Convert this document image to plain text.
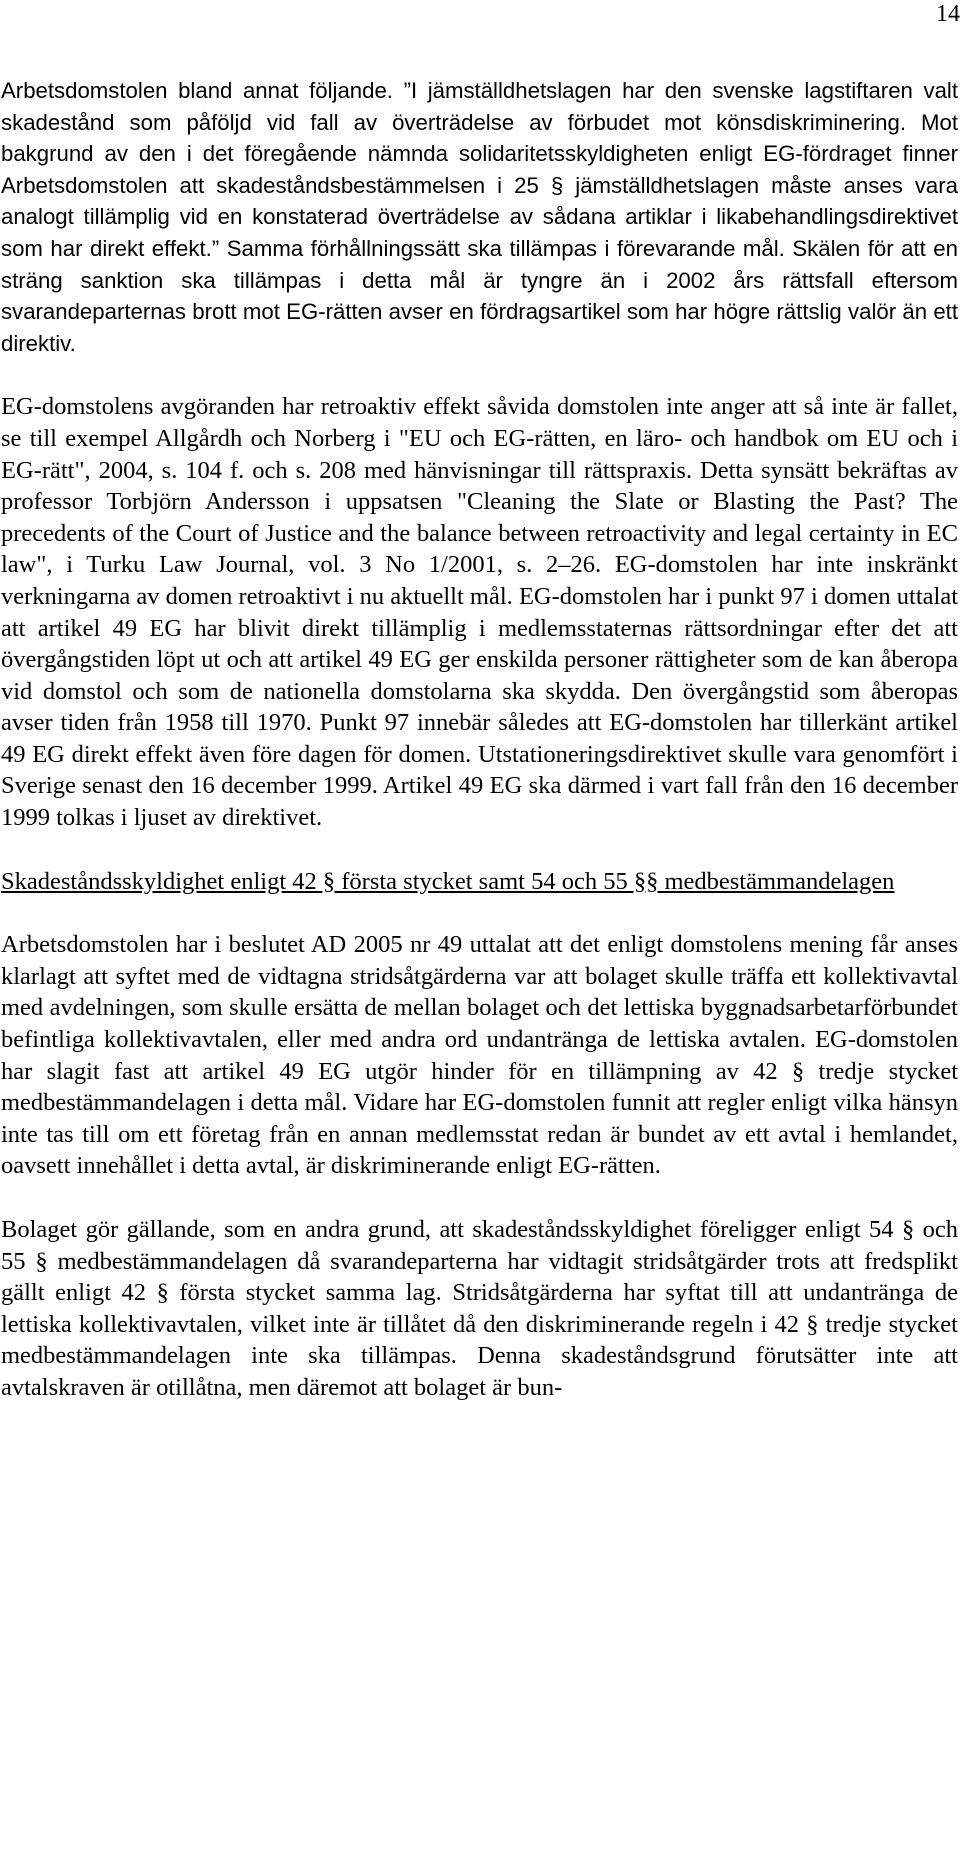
14

Arbetsdomstolen bland annat följande. ”I jämställdhetslagen har den svenske lagstiftaren valt skadestånd som påföljd vid fall av överträdelse av förbudet mot könsdiskriminering. Mot bakgrund av den i det föregående nämnda solidaritetsskyldigheten enligt EG-fördraget finner Arbetsdomstolen att skadeståndsbestämmelsen i 25 § jämställdhetslagen måste anses vara analogt tillämplig vid en konstaterad överträdelse av sådana artiklar i likabehandlingsdirektivet som har direkt effekt.” Samma förhållningssätt ska tillämpas i förevarande mål. Skälen för att en sträng sanktion ska tillämpas i detta mål är tyngre än i 2002 års rättsfall eftersom svarandeparternas brott mot EG-rätten avser en fördragsartikel som har högre rättslig valör än ett direktiv.

EG-domstolens avgöranden har retroaktiv effekt såvida domstolen inte anger att så inte är fallet, se till exempel Allgårdh och Norberg i "EU och EG-rätten, en läro- och handbok om EU och i EG-rätt", 2004, s. 104 f. och s. 208 med hänvisningar till rättspraxis. Detta synsätt bekräftas av professor Torbjörn Andersson i uppsatsen "Cleaning the Slate or Blasting the Past? The precedents of the Court of Justice and the balance between retroactivity and legal certainty in EC law", i Turku Law Journal, vol. 3 No 1/2001, s. 2–26. EG-domstolen har inte inskränkt verkningarna av domen retroaktivt i nu aktuellt mål. EG-domstolen har i punkt 97 i domen uttalat att artikel 49 EG har blivit direkt tillämplig i medlemsstaternas rättsordningar efter det att övergångstiden löpt ut och att artikel 49 EG ger enskilda personer rättigheter som de kan åberopa vid domstol och som de nationella domstolarna ska skydda. Den övergångstid som åberopas avser tiden från 1958 till 1970. Punkt 97 innebär således att EG-domstolen har tillerkänt artikel 49 EG direkt effekt även före dagen för domen. Utstationeringsdirektivet skulle vara genomfört i Sverige senast den 16 december 1999. Artikel 49 EG ska därmed i vart fall från den 16 december 1999 tolkas i ljuset av direktivet.

Skadeståndsskyldighet enligt 42 § första stycket samt 54 och 55 §§ medbestämmandelagen

Arbetsdomstolen har i beslutet AD 2005 nr 49 uttalat att det enligt domstolens mening får anses klarlagt att syftet med de vidtagna stridsåtgärderna var att bolaget skulle träffa ett kollektivavtal med avdelningen, som skulle ersätta de mellan bolaget och det lettiska byggnadsarbetarförbundet befintliga kollektivavtalen, eller med andra ord undantränga de lettiska avtalen. EG-domstolen har slagit fast att artikel 49 EG utgör hinder för en tillämpning av 42 § tredje stycket medbestämmandelagen i detta mål. Vidare har EG-domstolen funnit att regler enligt vilka hänsyn inte tas till om ett företag från en annan medlemsstat redan är bundet av ett avtal i hemlandet, oavsett innehållet i detta avtal, är diskriminerande enligt EG-rätten.

Bolaget gör gällande, som en andra grund, att skadeståndsskyldighet föreligger enligt 54 § och 55 § medbestämmandelagen då svarandeparterna har vidtagit stridsåtgärder trots att fredsplikt gällt enligt 42 § första stycket samma lag. Stridsåtgärderna har syftat till att undantränga de lettiska kollektivavtalen, vilket inte är tillåtet då den diskriminerande regeln i 42 § tredje stycket medbestämmandelagen inte ska tillämpas. Denna skadeståndsgrund förutsätter inte att avtalskraven är otillåtna, men däremot att bolaget är bun-
